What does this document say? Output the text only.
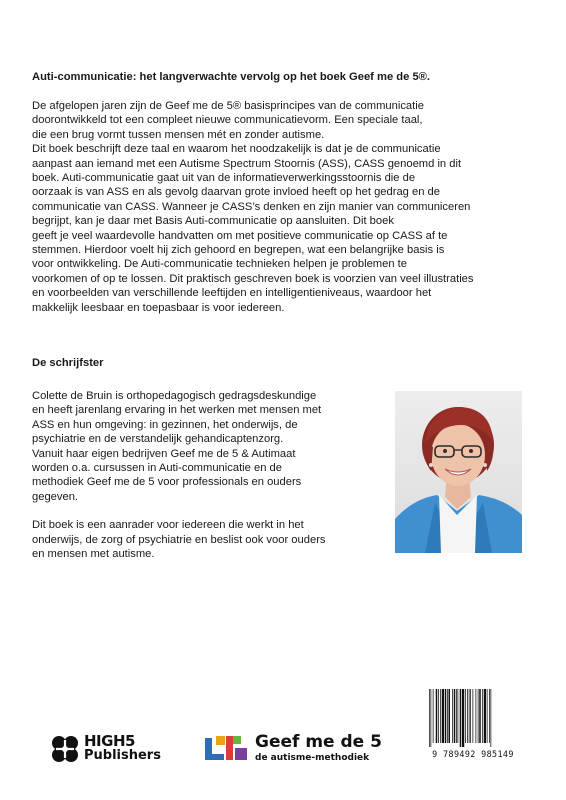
Auti-communicatie: het langverwachte vervolg op het boek Geef me de 5®.

De afgelopen jaren zijn de Geef me de 5® basisprincipes van de communicatie
doorontwikkeld tot een compleet nieuwe communicatievorm. Een speciale taal,
die een brug vormt tussen mensen mét en zonder autisme.

Dit boek beschrijft deze taal en waarom het noodzakelijk is dat je de communicatie
aanpast aan iemand met een Autisme Spectrum Stoornis (ASS), CASS genoemd in dit
boek. Auti-communicatie gaat uit van de informatieverwerkingsstoornis die de
oorzaak is van ASS en als gevolg daarvan grote invloed heeft op het gedrag en de
communicatie van CASS. Wanneer je CASS’s denken en zijn manier van communiceren
begrijpt, kan je daar met Basis Auti-communicatie op aansluiten. Dit boek
geeft je veel waardevolle handvatten om met positieve communicatie op CASS af te
stemmen. Hierdoor voelt hij zich gehoord en begrepen, wat een belangrijke basis is
voor ontwikkeling. De Auti-communicatie technieken helpen je problemen te
voorkomen of op te lossen. Dit praktisch geschreven boek is voorzien van veel illustraties
en voorbeelden van verschillende leeftijden en intelligentieniveaus, waardoor het
makkelijk leesbaar en toepasbaar is voor iedereen.

De schrijfster

Colette de Bruin is orthopedagogisch gedragsdeskundige
en heeft jarenlang ervaring in het werken met mensen met
ASS en hun omgeving: in gezinnen, het onderwijs, de
psychiatrie en de verstandelijk gehandicaptenzorg.
Vanuit haar eigen bedrijven Geef me de 5 & Autimaat
worden o.a. cursussen in Auti-communicatie en de
methodiek Geef me de 5 voor professionals en ouders
gegeven.

Dit boek is een aanrader voor iedereen die werkt in het
onderwijs, de zorg of psychiatrie en beslist ook voor ouders
en mensen met autisme.

HIGH5
Publishers
Geef me de 5
de autisme-methodiek	9 789492 985149
